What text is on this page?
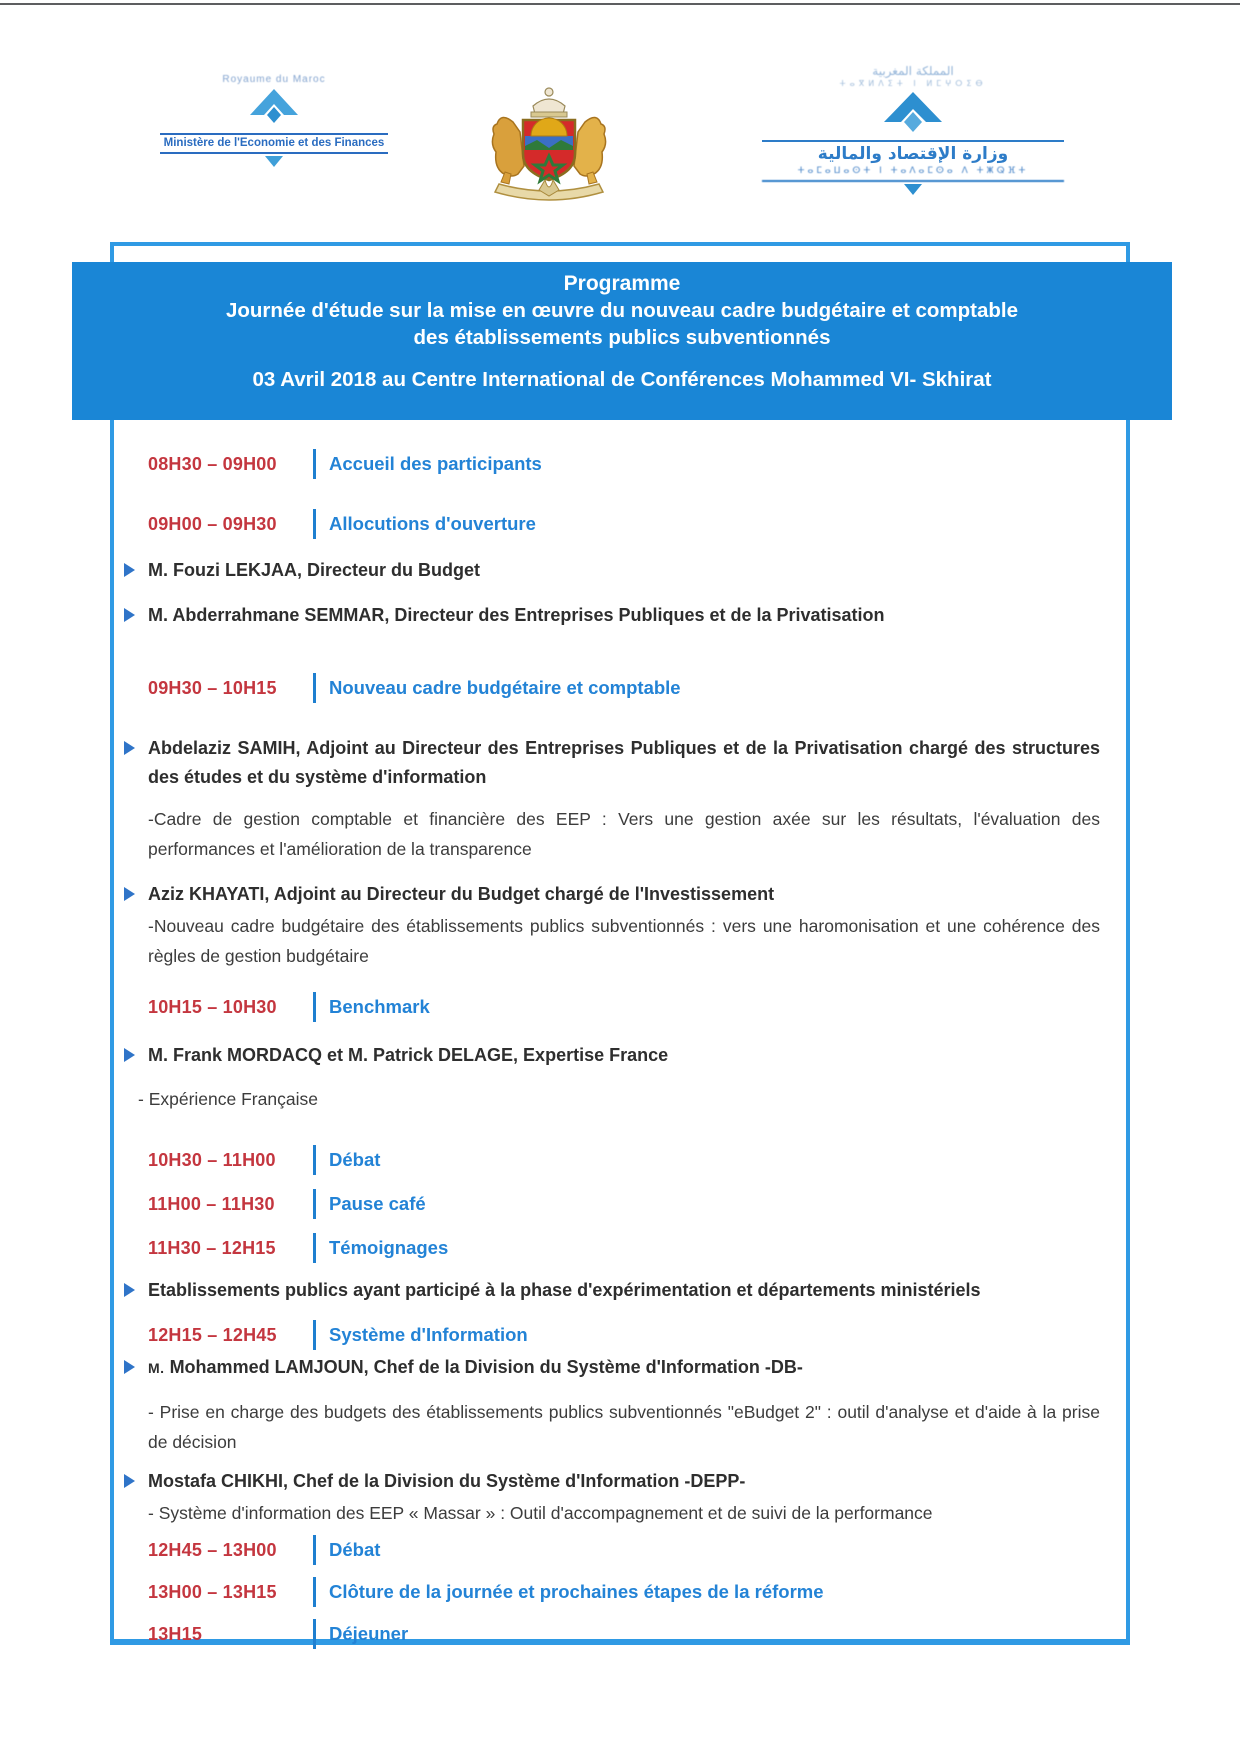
Royaume du Maroc
Ministère de l'Economie et des Finances
المملكة المغربية
ⵜⴰⴳⵍⴷⵉⵜ ⵏ ⵍⵎⵖⵔⵉⴱ
وزارة الإقتصاد والمالية
ⵜⴰⵎⴰⵡⴰⵙⵜ ⵏ ⵜⴰⴷⴰⵎⵙⴰ ⴷ ⵜⵥⵕⴼⵜ
Programme
Journée d'étude sur la mise en œuvre du nouveau cadre budgétaire et comptable
des établissements publics subventionnés
03 Avril 2018 au Centre International de Conférences Mohammed VI- Skhirat
08H30 – 09H00	Accueil des participants
09H00 – 09H30	Allocutions d'ouverture
M. Fouzi LEKJAA, Directeur du Budget
M. Abderrahmane SEMMAR, Directeur des Entreprises Publiques et de la Privatisation
09H30 – 10H15	Nouveau cadre budgétaire et comptable
Abdelaziz SAMIH, Adjoint au Directeur des Entreprises Publiques et de la Privatisation chargé des structures des études et du système d'information
-Cadre de gestion comptable et financière des EEP : Vers une gestion axée sur les résultats, l'évaluation des performances et l'amélioration de la transparence
Aziz KHAYATI, Adjoint au Directeur du Budget chargé de l'Investissement
-Nouveau cadre budgétaire des établissements publics subventionnés : vers une haromonisation et une cohérence des règles de gestion budgétaire
10H15 – 10H30	Benchmark
M. Frank MORDACQ et M. Patrick DELAGE, Expertise France
- Expérience Française
10H30 – 11H00	Débat
11H00 – 11H30	Pause café
11H30 – 12H15	Témoignages
Etablissements publics ayant participé à la phase d'expérimentation et départements ministériels
12H15 – 12H45	Système d'Information
M. Mohammed LAMJOUN, Chef de la Division du Système d'Information -DB-
- Prise en charge des budgets des établissements publics subventionnés "eBudget 2" : outil d'analyse et d'aide à la prise de décision
Mostafa CHIKHI, Chef de la Division du Système d'Information -DEPP-
- Système d'information des EEP « Massar » : Outil d'accompagnement et de suivi de la performance
12H45 – 13H00	Débat
13H00 – 13H15	Clôture de la journée et prochaines étapes de la réforme
13H15	Déjeuner
